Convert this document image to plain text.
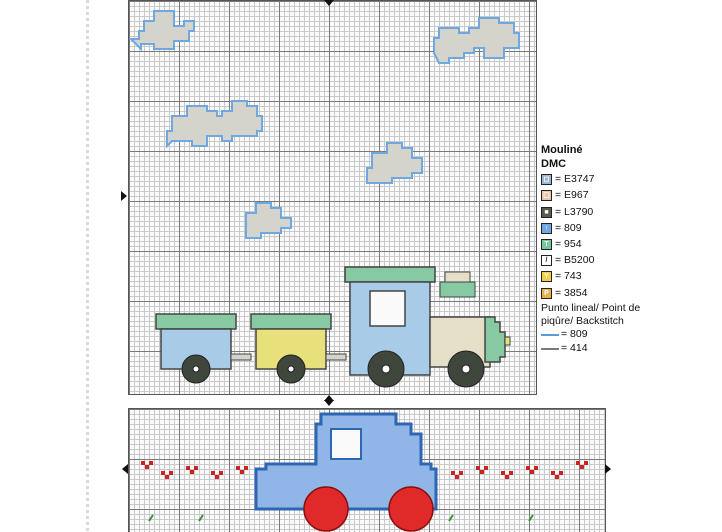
Mouliné
DMC
◻ = E3747
▢ = E967
■ = L3790
↑ = 809
T = 954
/ = B5200
Y = 743
P = 3854
Punto lineal/ Point de piqûre/ Backstitch
= 809
= 414
